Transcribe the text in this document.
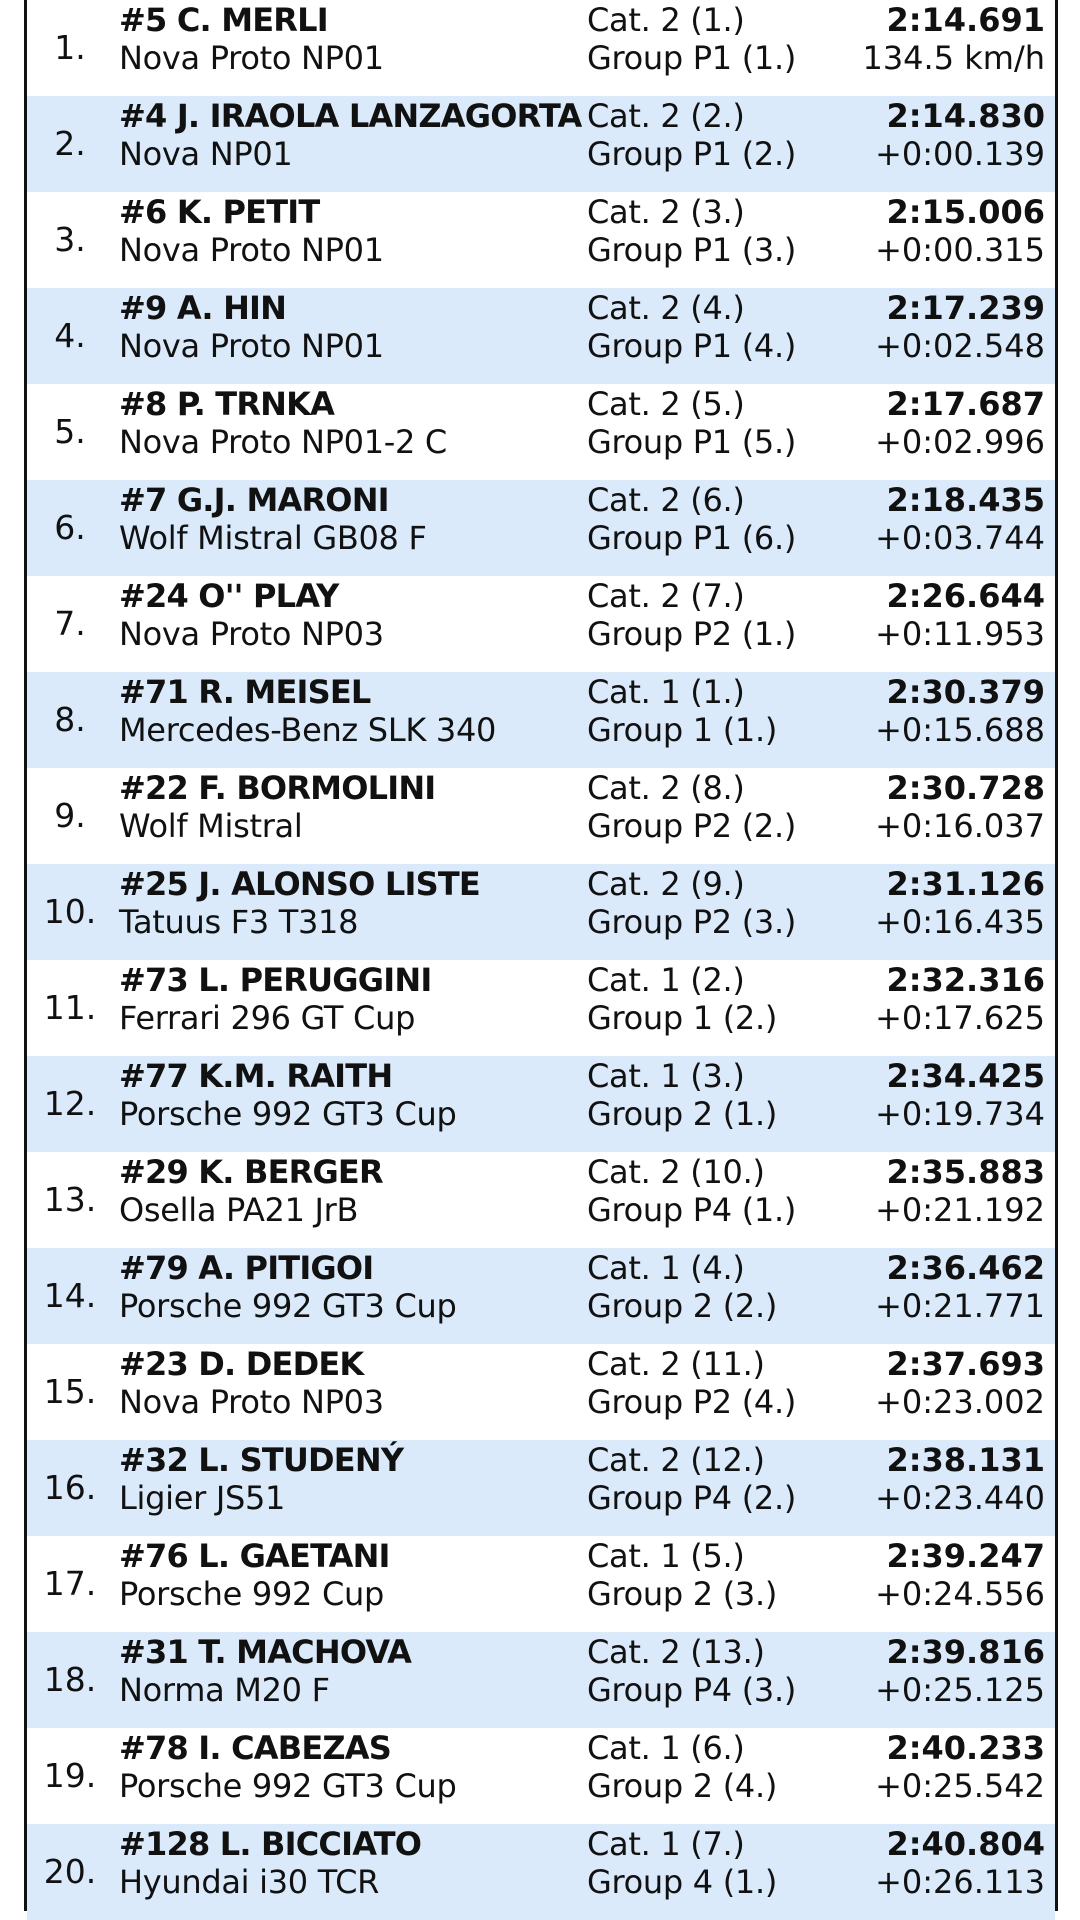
1.
#5 C. MERLI
Nova Proto NP01
Cat. 2 (1.)
Group P1 (1.)
2:14.691
134.5 km/h
2.
#4 J. IRAOLA LANZAGORTA
Nova NP01
Cat. 2 (2.)
Group P1 (2.)
2:14.830
+0:00.139
3.
#6 K. PETIT
Nova Proto NP01
Cat. 2 (3.)
Group P1 (3.)
2:15.006
+0:00.315
4.
#9 A. HIN
Nova Proto NP01
Cat. 2 (4.)
Group P1 (4.)
2:17.239
+0:02.548
5.
#8 P. TRNKA
Nova Proto NP01-2 C
Cat. 2 (5.)
Group P1 (5.)
2:17.687
+0:02.996
6.
#7 G.J. MARONI
Wolf Mistral GB08 F
Cat. 2 (6.)
Group P1 (6.)
2:18.435
+0:03.744
7.
#24 O'' PLAY
Nova Proto NP03
Cat. 2 (7.)
Group P2 (1.)
2:26.644
+0:11.953
8.
#71 R. MEISEL
Mercedes-Benz SLK 340
Cat. 1 (1.)
Group 1 (1.)
2:30.379
+0:15.688
9.
#22 F. BORMOLINI
Wolf Mistral
Cat. 2 (8.)
Group P2 (2.)
2:30.728
+0:16.037
10.
#25 J. ALONSO LISTE
Tatuus F3 T318
Cat. 2 (9.)
Group P2 (3.)
2:31.126
+0:16.435
11.
#73 L. PERUGGINI
Ferrari 296 GT Cup
Cat. 1 (2.)
Group 1 (2.)
2:32.316
+0:17.625
12.
#77 K.M. RAITH
Porsche 992 GT3 Cup
Cat. 1 (3.)
Group 2 (1.)
2:34.425
+0:19.734
13.
#29 K. BERGER
Osella PA21 JrB
Cat. 2 (10.)
Group P4 (1.)
2:35.883
+0:21.192
14.
#79 A. PITIGOI
Porsche 992 GT3 Cup
Cat. 1 (4.)
Group 2 (2.)
2:36.462
+0:21.771
15.
#23 D. DEDEK
Nova Proto NP03
Cat. 2 (11.)
Group P2 (4.)
2:37.693
+0:23.002
16.
#32 L. STUDENÝ
Ligier JS51
Cat. 2 (12.)
Group P4 (2.)
2:38.131
+0:23.440
17.
#76 L. GAETANI
Porsche 992 Cup
Cat. 1 (5.)
Group 2 (3.)
2:39.247
+0:24.556
18.
#31 T. MACHOVA
Norma M20 F
Cat. 2 (13.)
Group P4 (3.)
2:39.816
+0:25.125
19.
#78 I. CABEZAS
Porsche 992 GT3 Cup
Cat. 1 (6.)
Group 2 (4.)
2:40.233
+0:25.542
20.
#128 L. BICCIATO
Hyundai i30 TCR
Cat. 1 (7.)
Group 4 (1.)
2:40.804
+0:26.113
